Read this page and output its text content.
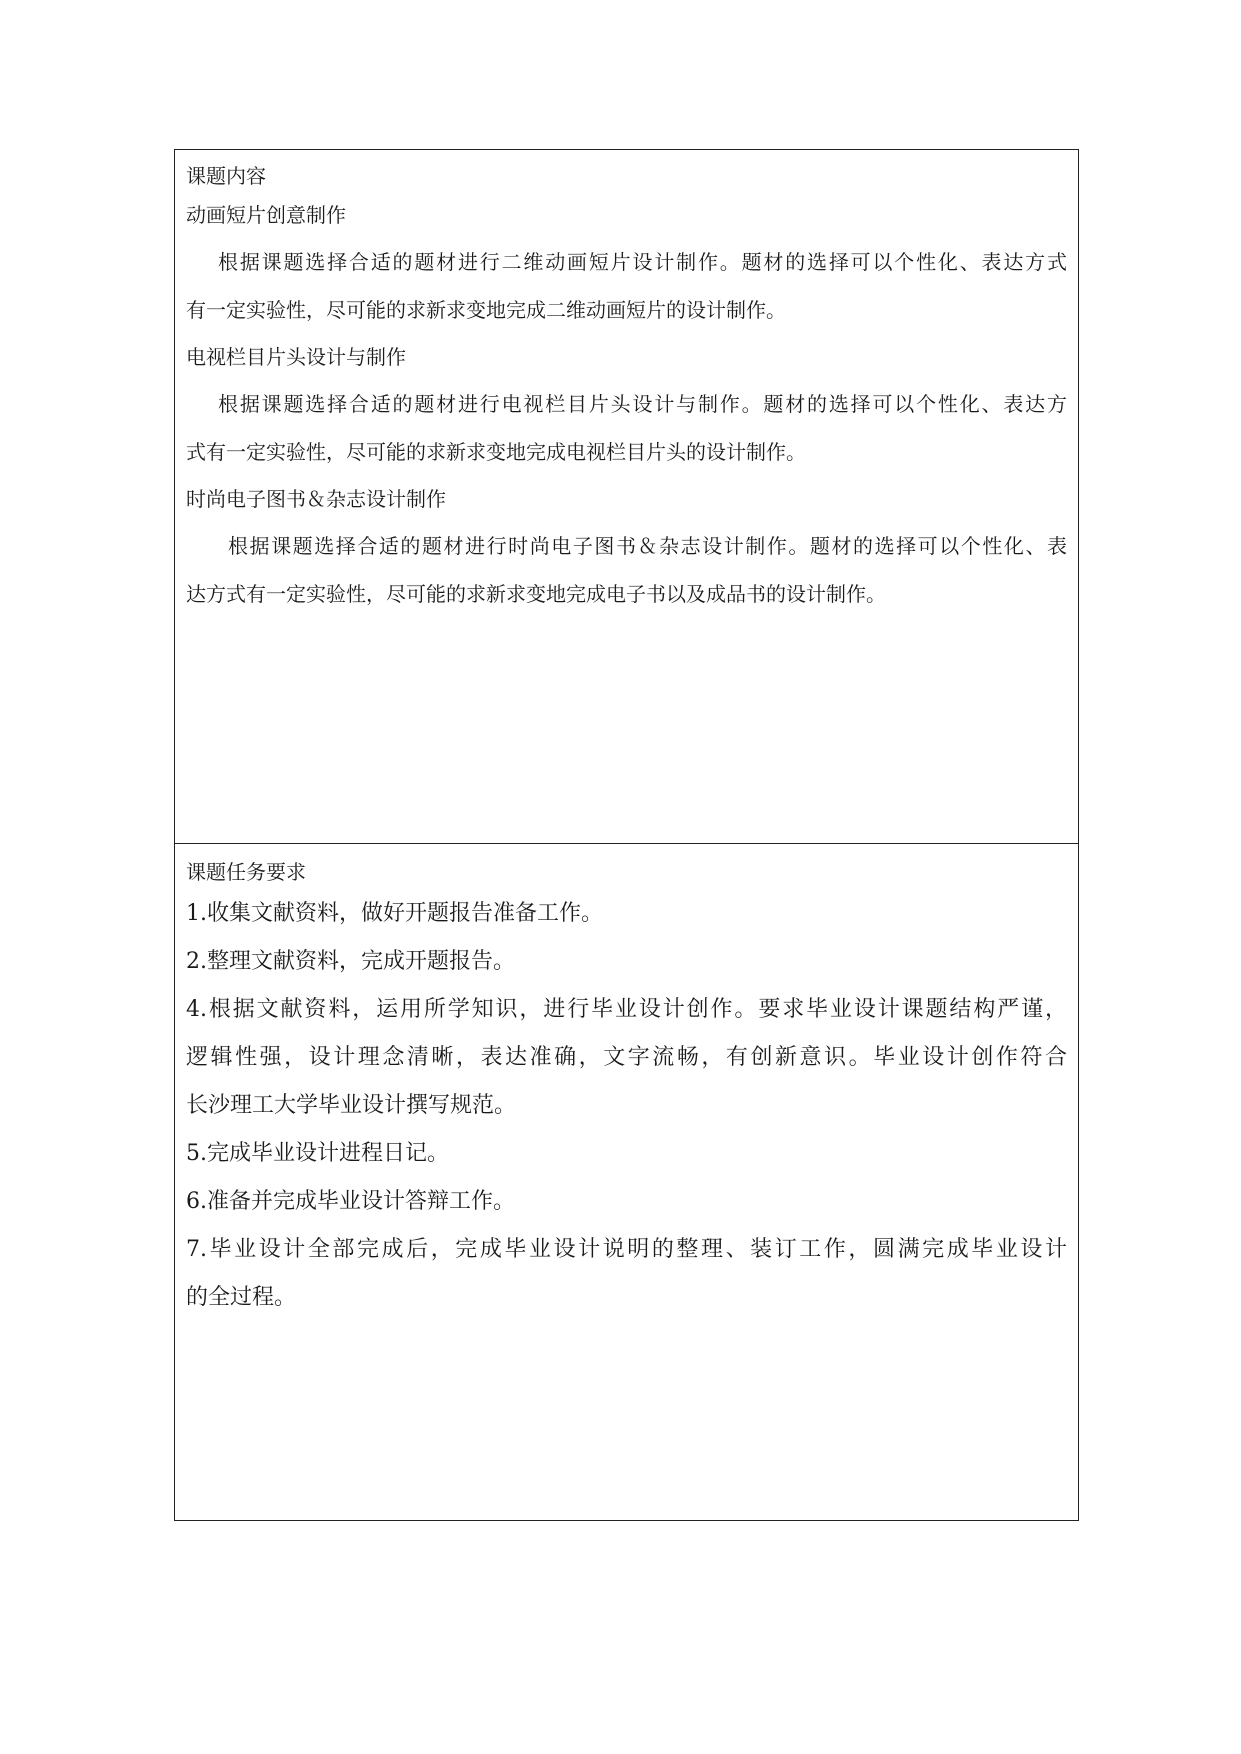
课题内容
动画短片创意制作
根据课题选择合适的题材进行二维动画短片设计制作。题材的选择可以个性化、表达方式
有一定实验性，尽可能的求新求变地完成二维动画短片的设计制作。
电视栏目片头设计与制作
根据课题选择合适的题材进行电视栏目片头设计与制作。题材的选择可以个性化、表达方
式有一定实验性，尽可能的求新求变地完成电视栏目片头的设计制作。
时尚电子图书＆杂志设计制作
根据课题选择合适的题材进行时尚电子图书＆杂志设计制作。题材的选择可以个性化、表
达方式有一定实验性，尽可能的求新求变地完成电子书以及成品书的设计制作。
课题任务要求
1.收集文献资料，做好开题报告准备工作。
2.整理文献资料，完成开题报告。
4.根据文献资料，运用所学知识，进行毕业设计创作。要求毕业设计课题结构严谨，
逻辑性强，设计理念清晰，表达准确，文字流畅，有创新意识。毕业设计创作符合
长沙理工大学毕业设计撰写规范。
5.完成毕业设计进程日记。
6.准备并完成毕业设计答辩工作。
7.毕业设计全部完成后，完成毕业设计说明的整理、装订工作，圆满完成毕业设计
的全过程。
